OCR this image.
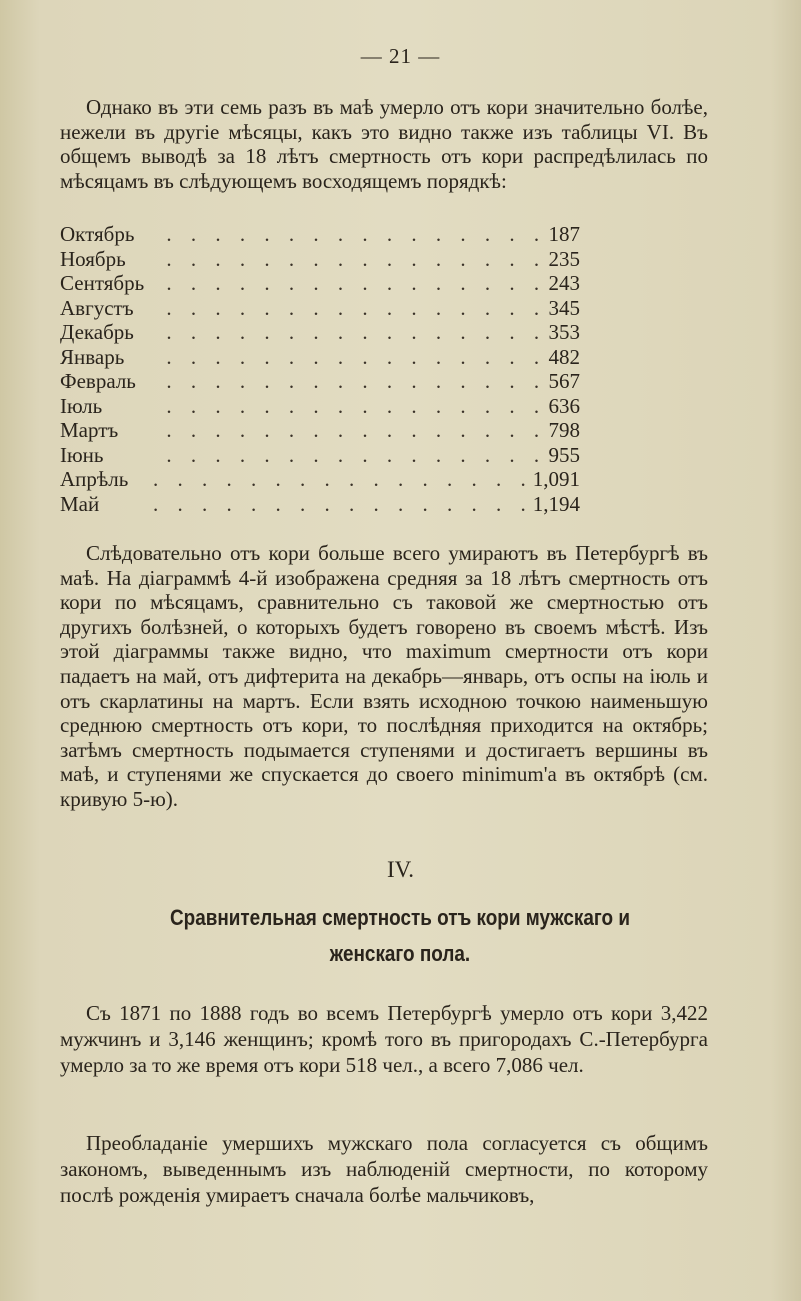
— 21 —

Однако въ эти семь разъ въ маѣ умерло отъ кори значительно болѣе, нежели въ другіе мѣсяцы, какъ это видно также изъ таблицы VI. Въ общемъ выводѣ за 18 лѣтъ смертность отъ кори распредѣлилась по мѣсяцамъ въ слѣдующемъ восходящемъ порядкѣ:

Октябрь	. . . . . . . . . . . . . . . . 187
Ноябрь	. . . . . . . . . . . . . . . . 235
Сентябрь	. . . . . . . . . . . . . . . . 243
Августъ	. . . . . . . . . . . . . . . . 345
Декабрь	. . . . . . . . . . . . . . . . 353
Январь	. . . . . . . . . . . . . . . . 482
Февраль	. . . . . . . . . . . . . . . . 567
Іюль	. . . . . . . . . . . . . . . . 636
Мартъ	. . . . . . . . . . . . . . . . 798
Іюнь	. . . . . . . . . . . . . . . . 955
Апрѣль	. . . . . . . . . . . . . . . . 1,091
Май	. . . . . . . . . . . . . . . . 1,194

Слѣдовательно отъ кори больше всего умираютъ въ Петербургѣ въ маѣ. На діаграммѣ 4-й изображена средняя за 18 лѣтъ смертность отъ кори по мѣсяцамъ, сравнительно съ таковой же смертностью отъ другихъ болѣзней, о которыхъ будетъ говорено въ своемъ мѣстѣ. Изъ этой діаграммы также видно, что maximum смертности отъ кори падаетъ на май, отъ дифтерита на декабрь—январь, отъ оспы на іюль и отъ скарлатины на мартъ. Если взять исходною точкою наименьшую среднюю смертность отъ кори, то послѣдняя приходится на октябрь; затѣмъ смертность подымается ступенями и достигаетъ вершины въ маѣ, и ступенями же спускается до своего minimum'а въ октябрѣ (см. кривую 5-ю).

IV.
Сравнительная смертность отъ кори мужскаго и женскаго пола.

Съ 1871 по 1888 годъ во всемъ Петербургѣ умерло отъ кори 3,422 мужчинъ и 3,146 женщинъ; кромѣ того въ пригородахъ С.-Петербурга умерло за то же время отъ кори 518 чел., а всего 7,086 чел.

Преобладаніе умершихъ мужскаго пола согласуется съ общимъ закономъ, выведеннымъ изъ наблюденій смертности, по которому послѣ рожденія умираетъ сначала болѣе мальчиковъ,
